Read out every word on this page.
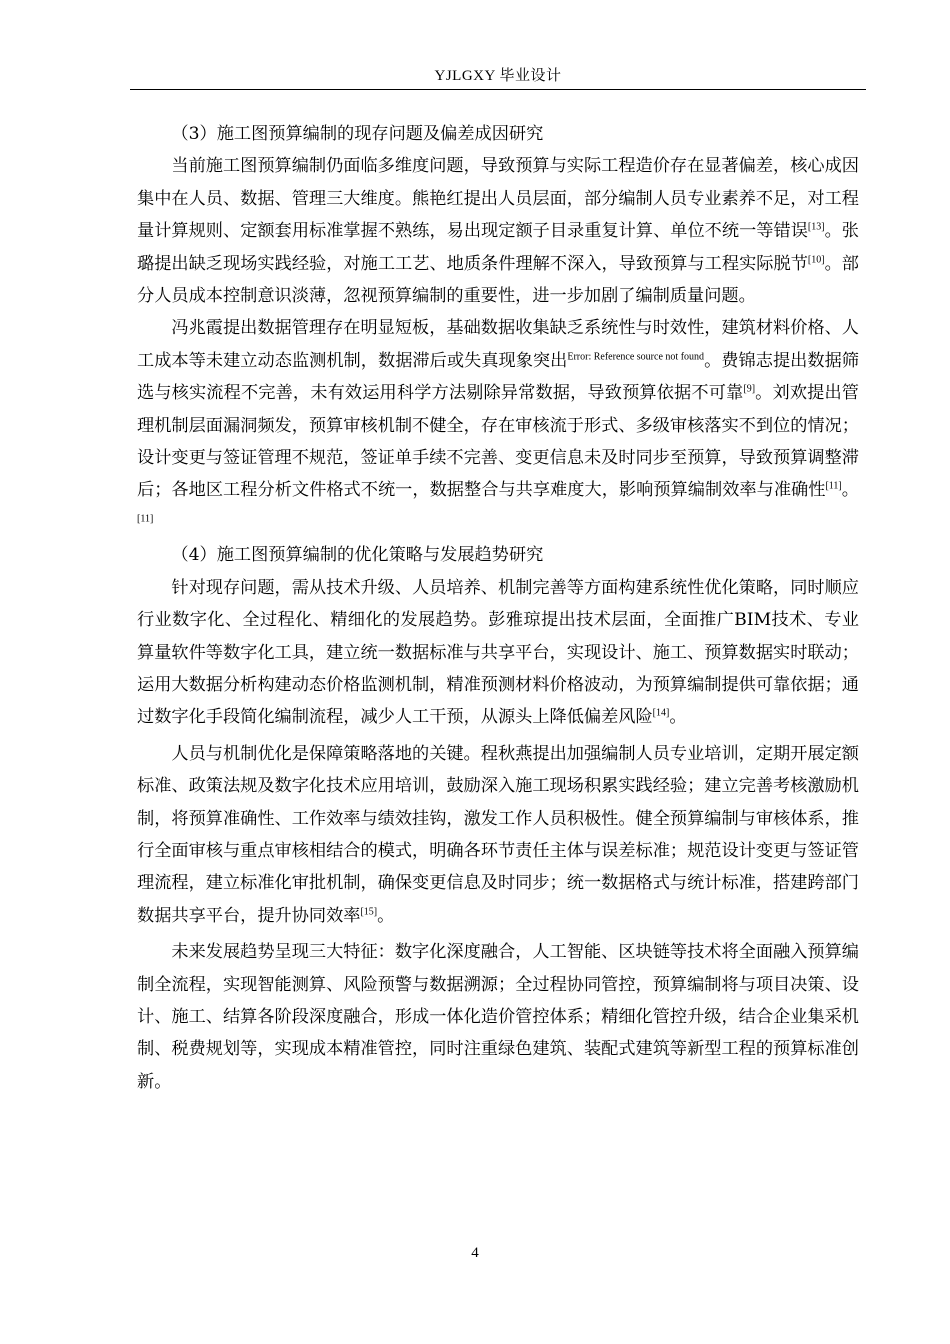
YJLGXY 毕业设计

（3）施工图预算编制的现存问题及偏差成因研究

当前施工图预算编制仍面临多维度问题，导致预算与实际工程造价存在显著偏差，核心成因集中在人员、数据、管理三大维度。熊艳红提出人员层面，部分编制人员专业素养不足，对工程量计算规则、定额套用标准掌握不熟练，易出现定额子目录重复计算、单位不统一等错误[13]。张璐提出缺乏现场实践经验，对施工工艺、地质条件理解不深入，导致预算与工程实际脱节[10]。部分人员成本控制意识淡薄，忽视预算编制的重要性，进一步加剧了编制质量问题。

冯兆霞提出数据管理存在明显短板，基础数据收集缺乏系统性与时效性，建筑材料价格、人工成本等未建立动态监测机制，数据滞后或失真现象突出$^{Error: Reference source not found}$。费锦志提出数据筛选与核实流程不完善，未有效运用科学方法剔除异常数据，导致预算依据不可靠[9]。刘欢提出管理机制层面漏洞频发，预算审核机制不健全，存在审核流于形式、多级审核落实不到位的情况；设计变更与签证管理不规范，签证单手续不完善、变更信息未及时同步至预算，导致预算调整滞后；各地区工程分析文件格式不统一，数据整合与共享难度大，影响预算编制效率与准确性[11]。[11]

（4）施工图预算编制的优化策略与发展趋势研究

针对现存问题，需从技术升级、人员培养、机制完善等方面构建系统性优化策略，同时顺应行业数字化、全过程化、精细化的发展趋势。彭雅琼提出技术层面，全面推广BIM技术、专业算量软件等数字化工具，建立统一数据标准与共享平台，实现设计、施工、预算数据实时联动；运用大数据分析构建动态价格监测机制，精准预测材料价格波动，为预算编制提供可靠依据；通过数字化手段简化编制流程，减少人工干预，从源头上降低偏差风险[14]。

人员与机制优化是保障策略落地的关键。程秋燕提出加强编制人员专业培训，定期开展定额标准、政策法规及数字化技术应用培训，鼓励深入施工现场积累实践经验；建立完善考核激励机制，将预算准确性、工作效率与绩效挂钩，激发工作人员积极性。健全预算编制与审核体系，推行全面审核与重点审核相结合的模式，明确各环节责任主体与误差标准；规范设计变更与签证管理流程，建立标准化审批机制，确保变更信息及时同步；统一数据格式与统计标准，搭建跨部门数据共享平台，提升协同效率[15]。

未来发展趋势呈现三大特征：数字化深度融合，人工智能、区块链等技术将全面融入预算编制全流程，实现智能测算、风险预警与数据溯源；全过程协同管控，预算编制将与项目决策、设计、施工、结算各阶段深度融合，形成一体化造价管控体系；精细化管控升级，结合企业集采机制、税费规划等，实现成本精准管控，同时注重绿色建筑、装配式建筑等新型工程的预算标准创新。

4
